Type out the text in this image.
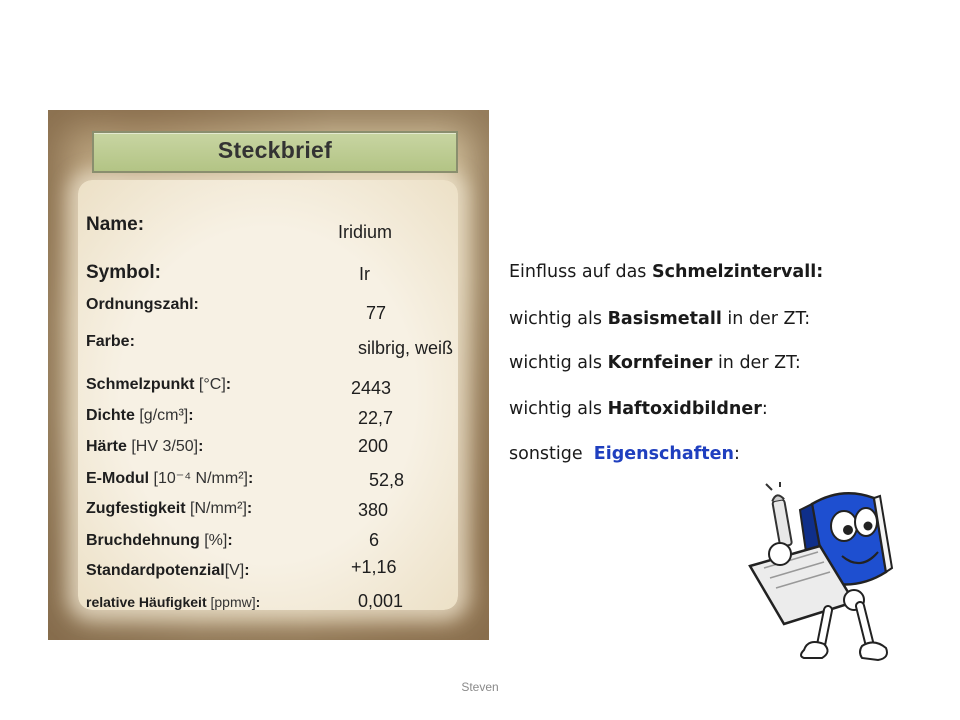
Steckbrief
Name:
Symbol:
Ordnungszahl:
Farbe:
Schmelzpunkt [°C]:
Dichte [g/cm³]:
Härte [HV 3/50]:
E-Modul [10⁻⁴ N/mm²]:
Zugfestigkeit [N/mm²]:
Bruchdehnung [%]:
Standardpotenzial[V]:
relative Häufigkeit [ppmw]:
Iridium
Ir
77
silbrig, weiß
2443
22,7
200
52,8
380
6
+1,16
0,001
Einfluss auf das Schmelzintervall:
wichtig als Basismetall in der ZT:
wichtig als Kornfeiner in der ZT:
wichtig als Haftoxidbildner:
sonstige  Eigenschaften:
Steven
